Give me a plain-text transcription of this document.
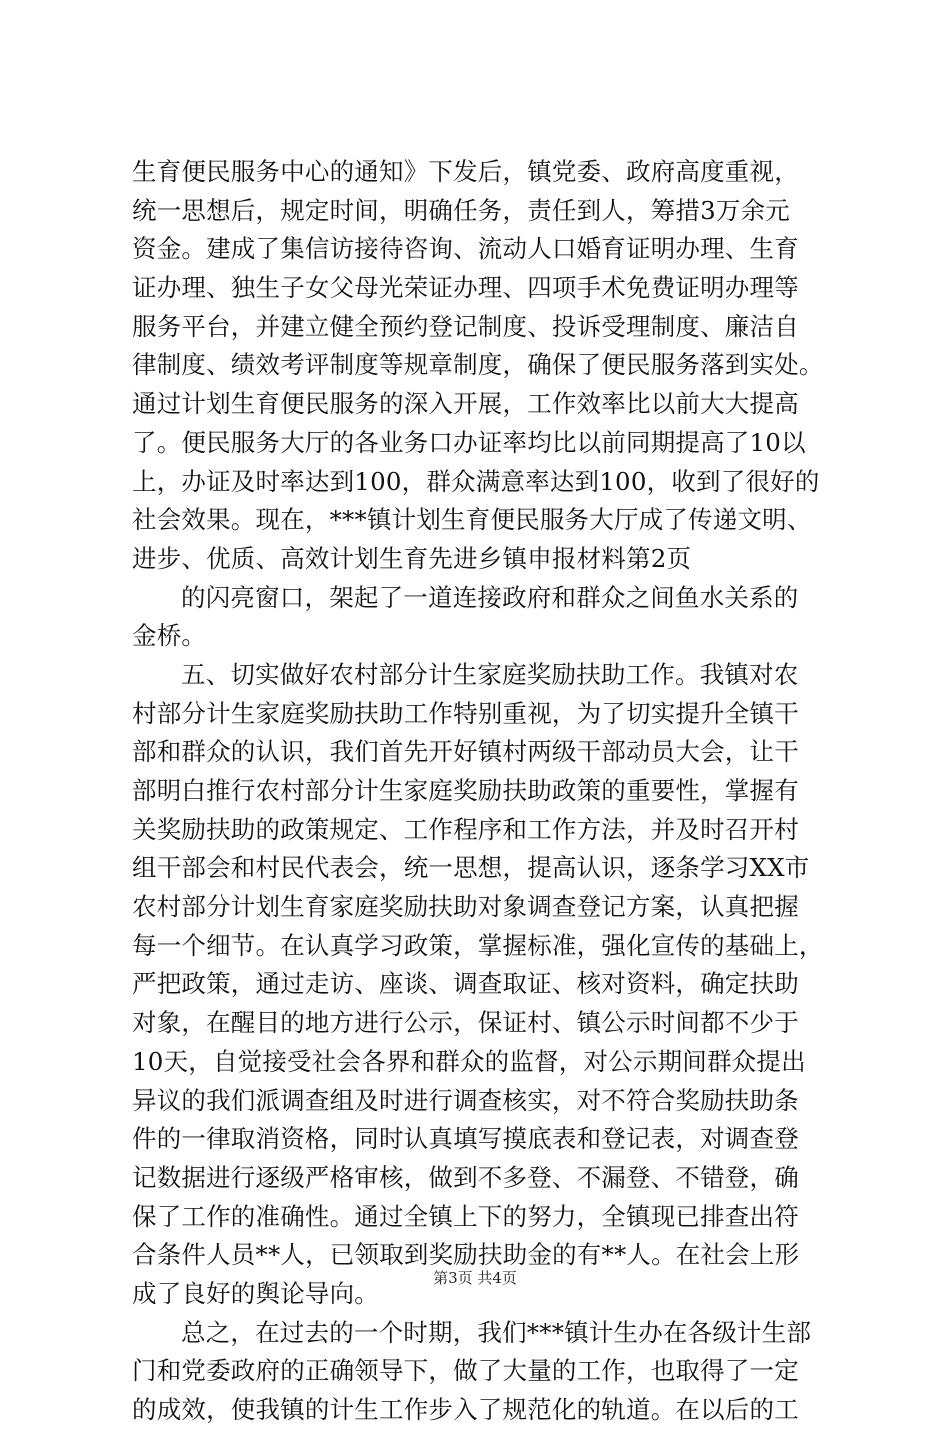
生育便民服务中心的通知》下发后，镇党委、政府高度重视，
统一思想后，规定时间，明确任务，责任到人，筹措3万余元
资金。建成了集信访接待咨询、流动人口婚育证明办理、生育
证办理、独生子女父母光荣证办理、四项手术免费证明办理等
服务平台，并建立健全预约登记制度、投诉受理制度、廉洁自
律制度、绩效考评制度等规章制度，确保了便民服务落到实处。
通过计划生育便民服务的深入开展，工作效率比以前大大提高
了。便民服务大厅的各业务口办证率均比以前同期提高了10以
上，办证及时率达到100，群众满意率达到100，收到了很好的
社会效果。现在，***镇计划生育便民服务大厅成了传递文明、
进步、优质、高效计划生育先进乡镇申报材料第2页
的闪亮窗口，架起了一道连接政府和群众之间鱼水关系的
金桥。
五、切实做好农村部分计生家庭奖励扶助工作。我镇对农
村部分计生家庭奖励扶助工作特别重视，为了切实提升全镇干
部和群众的认识，我们首先开好镇村两级干部动员大会，让干
部明白推行农村部分计生家庭奖励扶助政策的重要性，掌握有
关奖励扶助的政策规定、工作程序和工作方法，并及时召开村
组干部会和村民代表会，统一思想，提高认识，逐条学习XX市
农村部分计划生育家庭奖励扶助对象调查登记方案，认真把握
每一个细节。在认真学习政策，掌握标准，强化宣传的基础上，
严把政策，通过走访、座谈、调查取证、核对资料，确定扶助
对象，在醒目的地方进行公示，保证村、镇公示时间都不少于
10天，自觉接受社会各界和群众的监督，对公示期间群众提出
异议的我们派调查组及时进行调查核实，对不符合奖励扶助条
件的一律取消资格，同时认真填写摸底表和登记表，对调查登
记数据进行逐级严格审核，做到不多登、不漏登、不错登，确
保了工作的准确性。通过全镇上下的努力，全镇现已排查出符
合条件人员**人，已领取到奖励扶助金的有**人。在社会上形
成了良好的舆论导向。
总之，在过去的一个时期，我们***镇计生办在各级计生部
门和党委政府的正确领导下，做了大量的工作，也取得了一定
的成效，使我镇的计生工作步入了规范化的轨道。在以后的工
第3页 共4页
